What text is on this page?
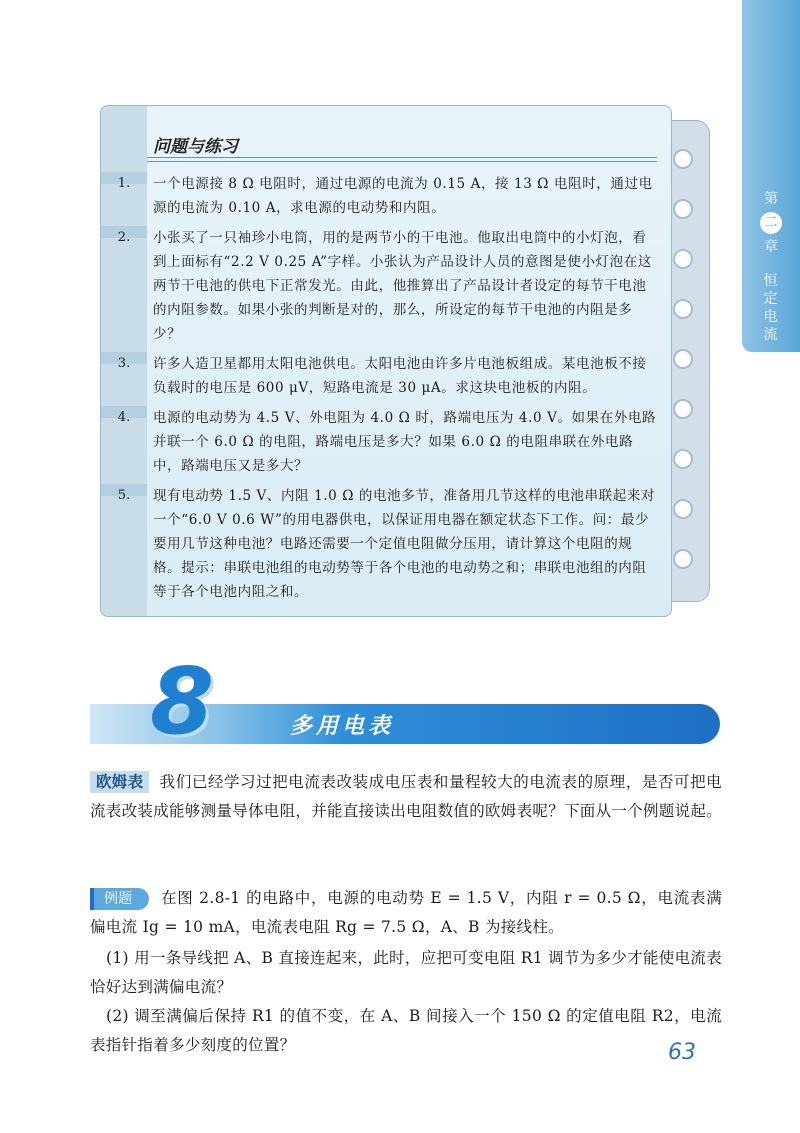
第
二
章
恒
定
电
流
问题与练习
1.	一个电源接 8 Ω 电阻时，通过电源的电流为 0.15 A，接 13 Ω 电阻时，通过电源的电流为 0.10 A，求电源的电动势和内阻。
2.	小张买了一只袖珍小电筒，用的是两节小的干电池。他取出电筒中的小灯泡，看到上面标有“2.2 V 0.25 A”字样。小张认为产品设计人员的意图是使小灯泡在这两节干电池的供电下正常发光。由此，他推算出了产品设计者设定的每节干电池的内阻参数。如果小张的判断是对的，那么，所设定的每节干电池的内阻是多少？
3.	许多人造卫星都用太阳电池供电。太阳电池由许多片电池板组成。某电池板不接负载时的电压是 600 μV，短路电流是 30 μA。求这块电池板的内阻。
4.	电源的电动势为 4.5 V、外电阻为 4.0 Ω 时，路端电压为 4.0 V。如果在外电路并联一个 6.0 Ω 的电阻，路端电压是多大？如果 6.0 Ω 的电阻串联在外电路中，路端电压又是多大？
5.	现有电动势 1.5 V、内阻 1.0 Ω 的电池多节，准备用几节这样的电池串联起来对一个“6.0 V 0.6 W”的用电器供电，以保证用电器在额定状态下工作。问：最少要用几节这种电池？电路还需要一个定值电阻做分压用，请计算这个电阻的规格。提示：串联电池组的电动势等于各个电池的电动势之和；串联电池组的内阻等于各个电池内阻之和。
8	多用电表
欧姆表 我们已经学习过把电流表改装成电压表和量程较大的电流表的原理，是否可把电流表改装成能够测量导体电阻，并能直接读出电阻数值的欧姆表呢？下面从一个例题说起。
例题 在图 2.8-1 的电路中，电源的电动势 E = 1.5 V，内阻 r = 0.5 Ω，电流表满偏电流 Ig = 10 mA，电流表电阻 Rg = 7.5 Ω，A、B 为接线柱。
(1) 用一条导线把 A、B 直接连起来，此时，应把可变电阻 R1 调节为多少才能使电流表恰好达到满偏电流？
(2) 调至满偏后保持 R1 的值不变，在 A、B 间接入一个 150 Ω 的定值电阻 R2，电流表指针指着多少刻度的位置？	63
